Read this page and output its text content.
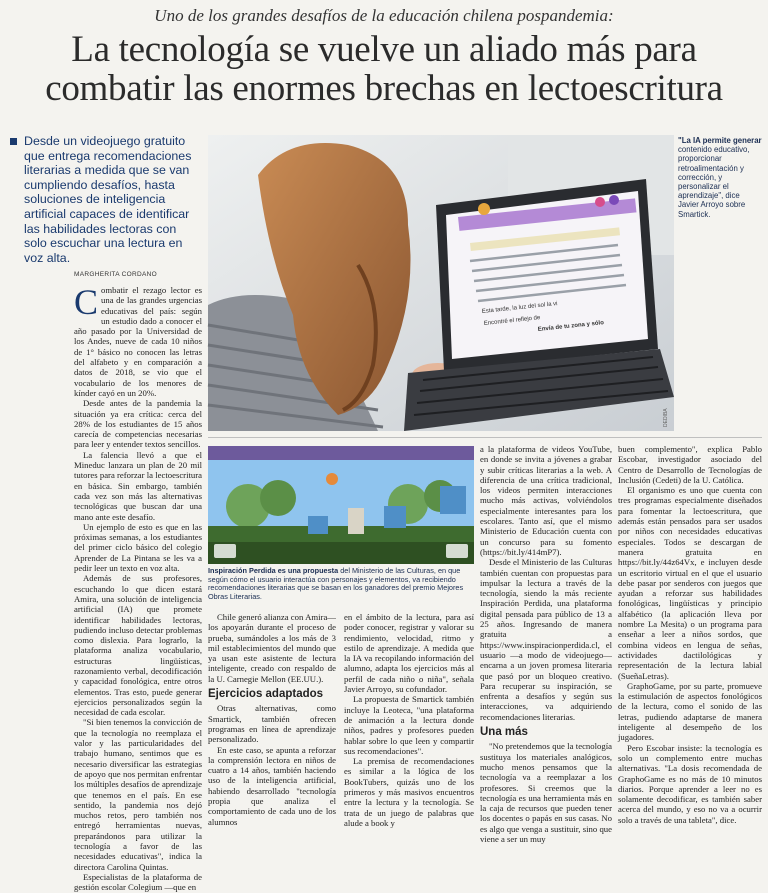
Uno de los grandes desafíos de la educación chilena pospandemia:
La tecnología se vuelve un aliado más para
combatir las enormes brechas en lectoescritura

Desde un videojuego gratuito que entrega recomendaciones literarias a medida que se van cumpliendo desafíos, hasta soluciones de inteligencia artificial capaces de identificar las habilidades lectoras con solo escuchar una lectura en voz alta.

MARGHERITA CORDANO
C ombatir el rezago lector es una de las grandes urgencias educativas del país: según un estudio dado a conocer el año pasado por la Universidad de los Andes, nueve de cada 10 niños de 1° básico no conocen las letras del alfabeto y en comparación a datos de 2018, se vio que el vocabulario de los menores de kínder cayó en un 20%.

Desde antes de la pandemia la situación ya era crítica: cerca del 28% de los estudiantes de 15 años carecía de competencias necesarias para leer y entender textos sencillos.

La falencia llevó a que el Mineduc lanzara un plan de 20 mil tutores para reforzar la lectoescritura en básica. Sin embargo, también cada vez son más las alternativas tecnológicas que buscan dar una mano ante este desafío.

Un ejemplo de esto es que en las próximas semanas, a los estudiantes del primer ciclo básico del colegio Aprender de La Pintana se les va a pedir leer un texto en voz alta.

Además de sus profesores, escuchando lo que dicen estará Amira, una solución de inteligencia artificial (IA) que promete identificar habilidades lectoras, pudiendo incluso detectar problemas como dislexia. Para lograrlo, la plataforma analiza vocabulario, estructuras lingüísticas, razonamiento verbal, decodificación y capacidad fonológica, entre otros elementos. Tras esto, puede generar ejercicios personalizados según la necesidad de cada escolar.

"Si bien tenemos la convicción de que la tecnología no reemplaza el valor y las particularidades del trabajo humano, sentimos que es necesario diversificar las estrategias de apoyo que nos permitan enfrentar los múltiples desafíos de aprendizaje que tenemos en el país. En ese sentido, la pandemia nos dejó muchos retos, pero también nos entregó herramientas nuevas, preparándonos para utilizar la tecnología a favor de las necesidades educativas", indica la directora Carolina Quintas.

Especialistas de la plataforma de gestión escolar Colegium —que en

Esta tarde, la luz del sol la vi
Encontré el reflejo de
Envía de tu zona y sólo
DEDIBA
"La IA permite generar contenido educativo, proporcionar retroalimentación y corrección, y personalizar el aprendizaje", dice Javier Arroyo sobre Smartick.
Inspiración Perdida es una propuesta del Ministerio de las Culturas, en que según cómo el usuario interactúa con personajes y elementos, va recibiendo recomendaciones literarias que se basan en los ganadores del premio Mejores Obras Literarias.

Chile generó alianza con Amira— los apoyarán durante el proceso de prueba, sumándoles a los más de 3 mil establecimientos del mundo que ya usan este asistente de lectura inteligente, creado con respaldo de la U. Carnegie Mellon (EE.UU.).

Ejercicios adaptados

Otras alternativas, como Smartick, también ofrecen programas en línea de aprendizaje personalizado.

En este caso, se apunta a reforzar la comprensión lectora en niños de cuatro a 14 años, también haciendo uso de la inteligencia artificial, habiendo desarrollado "tecnología propia que analiza el comportamiento de cada uno de los alumnos

en el ámbito de la lectura, para así poder conocer, registrar y valorar su rendimiento, velocidad, ritmo y estilo de aprendizaje. A medida que la IA va recopilando información del alumno, adapta los ejercicios más al perfil de cada niño o niña", señala Javier Arroyo, su cofundador.

La propuesta de Smartick también incluye la Leoteca, "una plataforma de animación a la lectura donde niños, padres y profesores pueden hablar sobre lo que leen y compartir sus recomendaciones".

La premisa de recomendaciones es similar a la lógica de los BookTubers, quizás uno de los primeros y más masivos encuentros entre la lectura y la tecnología. Se trata de un juego de palabras que alude a book y

a la plataforma de videos YouTube, en donde se invita a jóvenes a grabar y subir críticas literarias a la web. A diferencia de una crítica tradicional, los videos permiten interacciones mucho más activas, volviéndolos especialmente interesantes para los escolares. Tanto así, que el mismo Ministerio de Educación cuenta con un concurso para su fomento (https://bit.ly/414mP7).

Desde el Ministerio de las Culturas también cuentan con propuestas para impulsar la lectura a través de la tecnología, siendo la más reciente Inspiración Perdida, una plataforma digital pensada para público de 13 a 25 años. Ingresando de manera gratuita a https://www.inspiracionperdida.cl, el usuario —a modo de videojuego— encarna a un joven promesa literaria que pasó por un bloqueo creativo. Para recuperar su inspiración, se enfrenta a desafíos y según sus interacciones, va adquiriendo recomendaciones literarias.

Una más

"No pretendemos que la tecnología sustituya los materiales analógicos, mucho menos pensamos que la tecnología va a reemplazar a los profesores. Si creemos que la tecnología es una herramienta más en la caja de recursos que pueden tener los docentes o papás en sus casas. No es algo que venga a sustituir, sino que viene a ser un muy

buen complemento", explica Pablo Escobar, investigador asociado del Centro de Desarrollo de Tecnologías de Inclusión (Cedeti) de la U. Católica.

El organismo es uno que cuenta con tres programas especialmente diseñados para fomentar la lectoescritura, que además están pensados para ser usados por niños con necesidades educativas especiales. Todos se descargan de manera gratuita en https://bit.ly/44z64Vx, e incluyen desde un escritorio virtual en el que el usuario debe pasar por senderos con juegos que ayudan a reforzar sus habilidades fonológicas, lingüísticas y principio alfabético (la aplicación lleva por nombre La Mesita) o un programa para enseñar a leer a niños sordos, que combina videos en lengua de señas, actividades dactilológicas y representación de la lectura labial (SueñaLetras).

GraphoGame, por su parte, promueve la estimulación de aspectos fonológicos de la lectura, como el sonido de las letras, pudiendo adaptarse de manera inteligente al desempeño de los jugadores.

Pero Escobar insiste: la tecnología es solo un complemento entre muchas alternativas. "La dosis recomendada de GraphoGame es no más de 10 minutos diarios. Porque aprender a leer no es solamente decodificar, es también saber acerca del mundo, y eso no va a ocurrir solo a través de una tableta", dice.
